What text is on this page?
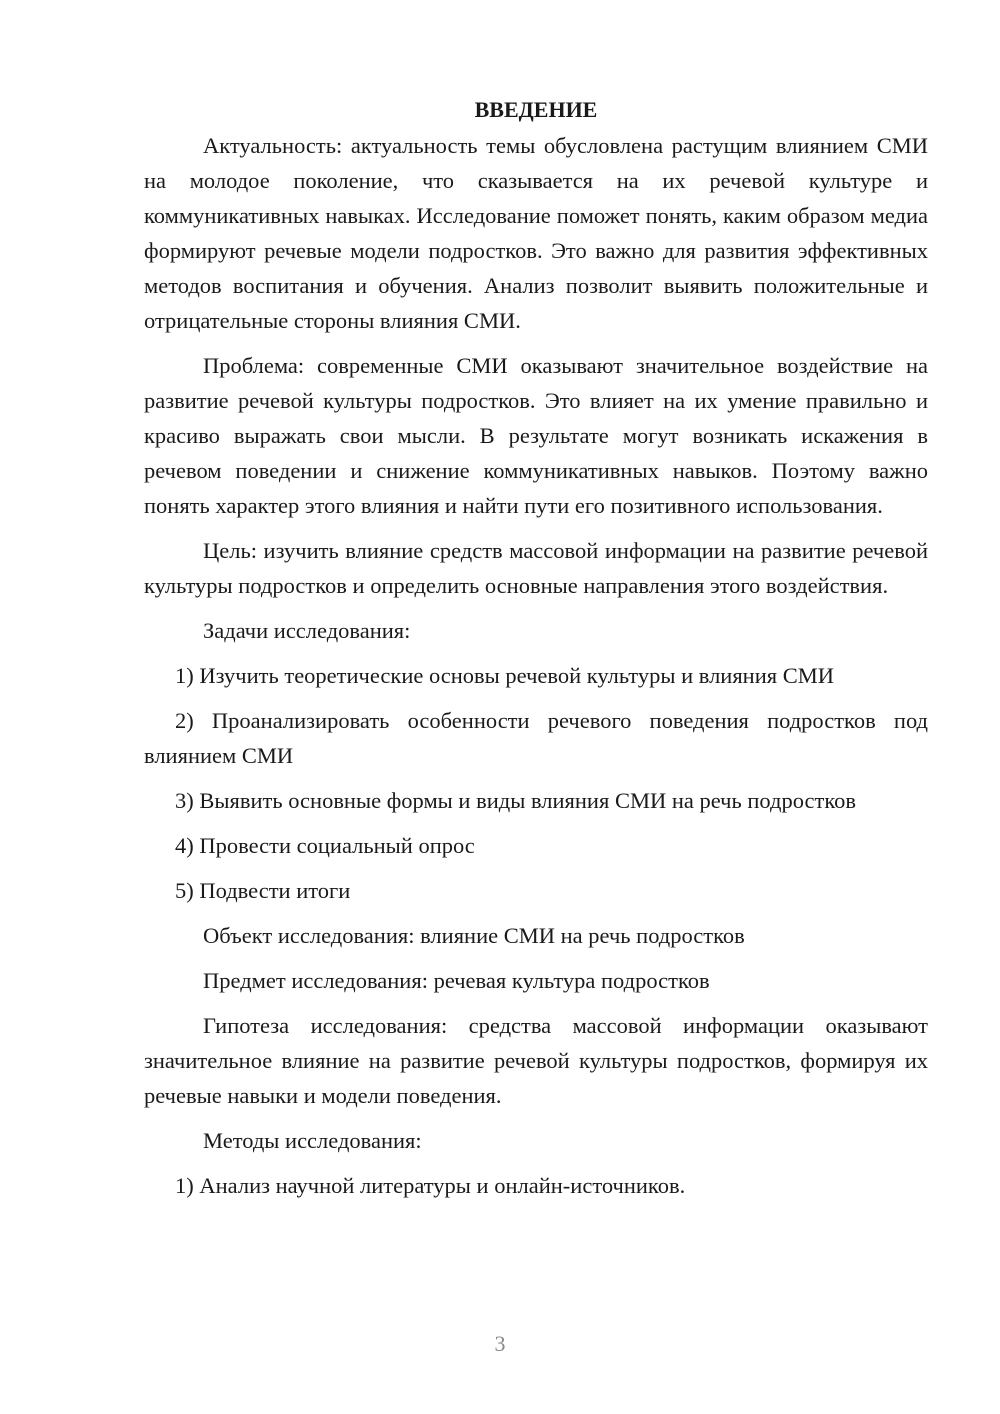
ВВЕДЕНИЕ

Актуальность: актуальность темы обусловлена растущим влиянием СМИ на молодое поколение, что сказывается на их речевой культуре и коммуникативных навыках. Исследование поможет понять, каким образом медиа формируют речевые модели подростков. Это важно для развития эффективных методов воспитания и обучения. Анализ позволит выявить положительные и отрицательные стороны влияния СМИ.

Проблема: современные СМИ оказывают значительное воздействие на развитие речевой культуры подростков. Это влияет на их умение правильно и красиво выражать свои мысли. В результате могут возникать искажения в речевом поведении и снижение коммуникативных навыков. Поэтому важно понять характер этого влияния и найти пути его позитивного использования.

Цель: изучить влияние средств массовой информации на развитие речевой культуры подростков и определить основные направления этого воздействия.

Задачи исследования:

1) Изучить теоретические основы речевой культуры и влияния СМИ

2) Проанализировать особенности речевого поведения подростков под влиянием СМИ

3) Выявить основные формы и виды влияния СМИ на речь подростков

4) Провести социальный опрос

5) Подвести итоги

Объект исследования: влияние СМИ на речь подростков

Предмет исследования: речевая культура подростков

Гипотеза исследования: средства массовой информации оказывают значительное влияние на развитие речевой культуры подростков, формируя их речевые навыки и модели поведения.

Методы исследования:

1) Анализ научной литературы и онлайн-источников.

3
